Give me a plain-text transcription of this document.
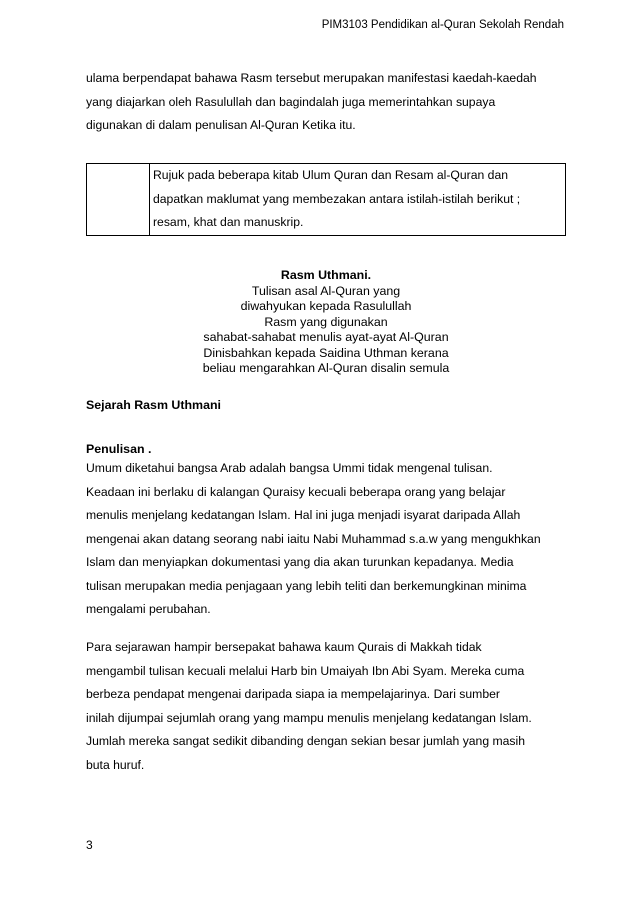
PIM3103 Pendidikan al-Quran Sekolah Rendah
ulama berpendapat bahawa Rasm tersebut merupakan manifestasi kaedah-kaedah
yang diajarkan oleh Rasulullah dan bagindalah juga memerintahkan supaya
digunakan di dalam penulisan Al-Quran Ketika itu.
Rujuk pada beberapa kitab Ulum Quran dan Resam al-Quran dan
dapatkan maklumat yang membezakan antara istilah-istilah berikut ;
resam, khat dan manuskrip.
Rasm Uthmani.
Tulisan asal Al-Quran yang
diwahyukan kepada Rasulullah
Rasm yang digunakan
sahabat-sahabat menulis ayat-ayat Al-Quran
Dinisbahkan kepada Saidina Uthman kerana
beliau mengarahkan Al-Quran disalin semula
Sejarah Rasm Uthmani
Penulisan .
Umum diketahui bangsa Arab adalah bangsa Ummi tidak mengenal tulisan.
Keadaan ini berlaku di kalangan Quraisy kecuali beberapa orang yang belajar
menulis menjelang kedatangan Islam. Hal ini juga menjadi isyarat daripada Allah
mengenai akan datang seorang nabi iaitu Nabi Muhammad s.a.w yang mengukhkan
Islam dan menyiapkan dokumentasi yang dia akan turunkan kepadanya. Media
tulisan merupakan media penjagaan yang lebih teliti dan berkemungkinan minima
mengalami perubahan.
Para sejarawan hampir bersepakat bahawa kaum Qurais di Makkah tidak
mengambil tulisan kecuali melalui Harb bin Umaiyah Ibn Abi Syam. Mereka cuma
berbeza pendapat mengenai daripada siapa ia mempelajarinya. Dari sumber
inilah dijumpai sejumlah orang yang mampu menulis menjelang kedatangan Islam.
Jumlah mereka sangat sedikit dibanding dengan sekian besar jumlah yang masih
buta huruf.
3
